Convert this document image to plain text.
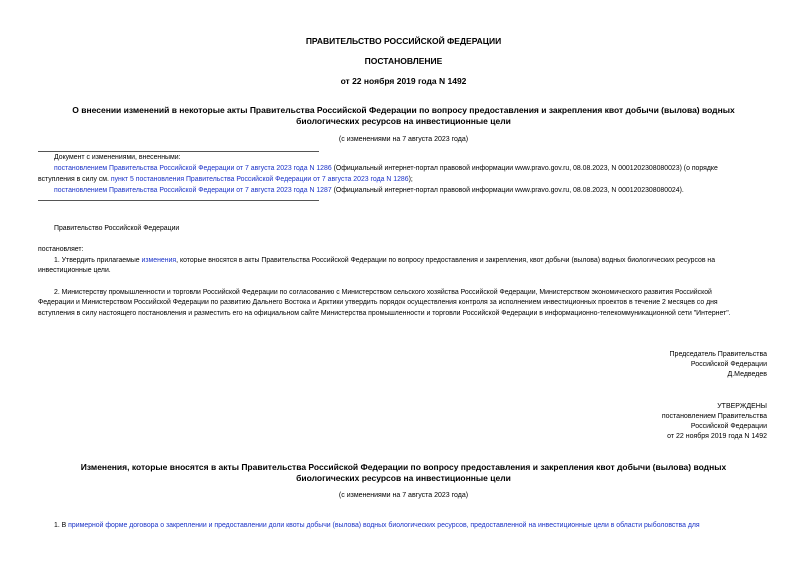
ПРАВИТЕЛЬСТВО РОССИЙСКОЙ ФЕДЕРАЦИИ
ПОСТАНОВЛЕНИЕ
от 22 ноября 2019 года N 1492
О внесении изменений в некоторые акты Правительства Российской Федерации по вопросу предоставления и закрепления квот добычи (вылова) водных
биологических ресурсов на инвестиционные цели
(с изменениями на 7 августа 2023 года)
Документ с изменениями, внесенными:
постановлением Правительства Российской Федерации от 7 августа 2023 года N 1286 (Официальный интернет-портал правовой информации www.pravo.gov.ru, 08.08.2023, N 0001202308080023) (о порядке
вступления в силу см. пункт 5 постановления Правительства Российской Федерации от 7 августа 2023 года N 1286);
постановлением Правительства Российской Федерации от 7 августа 2023 года N 1287 (Официальный интернет-портал правовой информации www.pravo.gov.ru, 08.08.2023, N 0001202308080024).
Правительство Российской Федерации
постановляет:
1. Утвердить прилагаемые изменения, которые вносятся в акты Правительства Российской Федерации по вопросу предоставления и закрепления, квот добычи (вылова) водных биологических ресурсов на
инвестиционные цели.
2. Министерству промышленности и торговли Российской Федерации по согласованию с Министерством сельского хозяйства Российской Федерации, Министерством экономического развития Российской
Федерации и Министерством Российской Федерации по развитию Дальнего Востока и Арктики утвердить порядок осуществления контроля за исполнением инвестиционных проектов в течение 2 месяцев со дня
вступления в силу настоящего постановления и разместить его на официальном сайте Министерства промышленности и торговли Российской Федерации в информационно-телекоммуникационной сети "Интернет".
Председатель Правительства
Российской Федерации
Д.Медведев
УТВЕРЖДЕНЫ
постановлением Правительства
Российской Федерации
от 22 ноября 2019 года N 1492
Изменения, которые вносятся в акты Правительства Российской Федерации по вопросу предоставления и закрепления квот добычи (вылова) водных
биологических ресурсов на инвестиционные цели
(с изменениями на 7 августа 2023 года)
1. В примерной форме договора о закреплении и предоставлении доли квоты добычи (вылова) водных биологических ресурсов, предоставленной на инвестиционные цели в области рыболовства для
